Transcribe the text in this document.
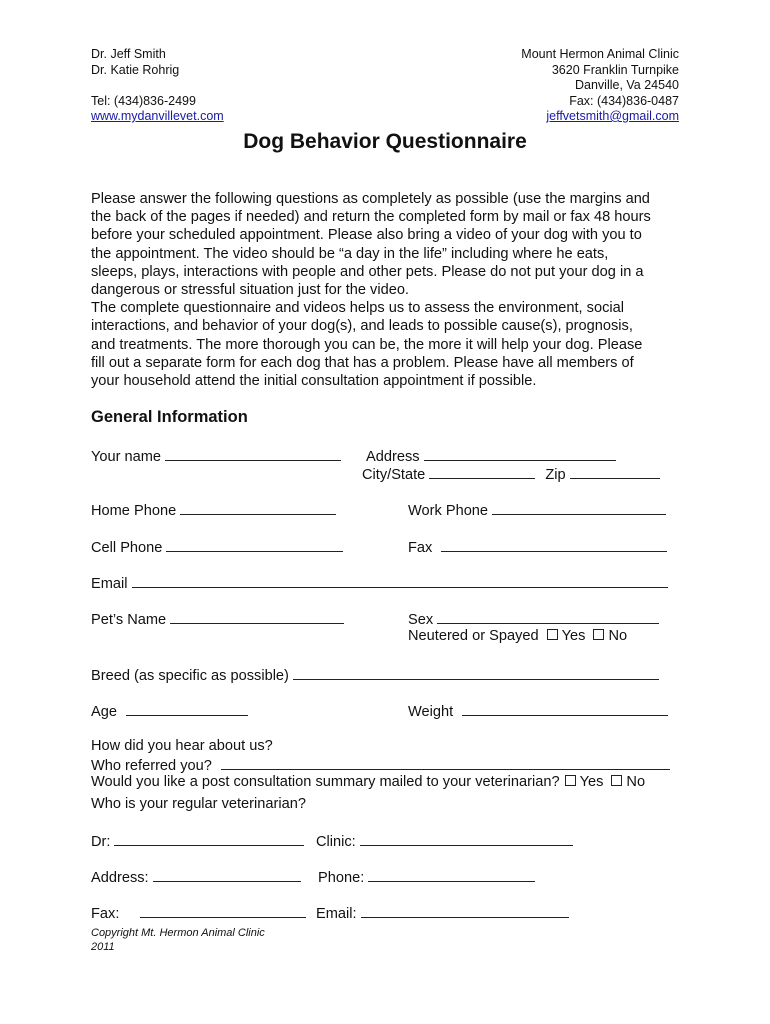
Dr. Jeff Smith
Dr. Katie Rohrig
Tel: (434)836-2499
www.mydanvillevet.com
Mount Hermon Animal Clinic
3620 Franklin Turnpike
Danville, Va 24540
Fax: (434)836-0487
jeffvetsmith@gmail.com
Dog Behavior Questionnaire
Please answer the following questions as completely as possible (use the margins and
the back of the pages if needed) and return the completed form by mail or fax 48 hours
before your scheduled appointment. Please also bring a video of your dog with you to
the appointment. The video should be “a day in the life” including where he eats,
sleeps, plays, interactions with people and other pets. Please do not put your dog in a
dangerous or stressful situation just for the video.
The complete questionnaire and videos helps us to assess the environment, social
interactions, and behavior of your dog(s), and leads to possible cause(s), prognosis,
and treatments. The more thorough you can be, the more it will help your dog. Please
fill out a separate form for each dog that has a problem. Please have all members of
your household attend the initial consultation appointment if possible.
General Information
Your name	Address
City/State	Zip
Home Phone	Work Phone
Cell Phone	Fax
Email
Pet’s Name	Sex
Neutered or Spayed Yes No
Breed (as specific as possible)
Age	Weight
How did you hear about us?
Who referred you?
Would you like a post consultation summary mailed to your veterinarian? Yes No
Who is your regular veterinarian?
Dr:	Clinic:
Address:	Phone:
Fax:	Email:
Copyright Mt. Hermon Animal Clinic
2011
